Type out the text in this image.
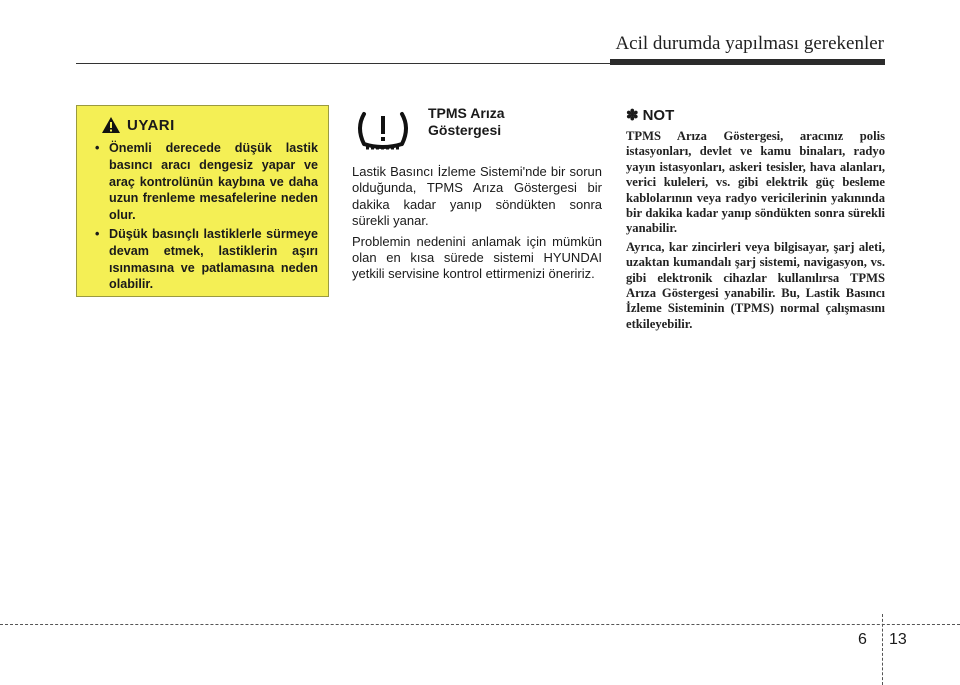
Acil durumda yapılması gerekenler
UYARI
• Önemli derecede düşük lastik basıncı aracı dengesiz yapar ve araç kontrolünün kaybına ve daha uzun frenleme mesafelerine neden olur.
• Düşük basınçlı lastiklerle sürmeye devam etmek, lastiklerin aşırı ısınmasına ve patlamasına neden olabilir.
TPMS Arıza
Göstergesi

Lastik Basıncı İzleme Sistemi'nde bir sorun olduğunda, TPMS Arıza Göstergesi bir dakika kadar yanıp söndükten sonra sürekli yanar.

Problemin nedenini anlamak için mümkün olan en kısa sürede sistemi HYUNDAI yetkili servisine kontrol ettirmenizi öneririz.

✽ NOT

TPMS Arıza Göstergesi, aracınız polis istasyonları, devlet ve kamu binaları, radyo yayın istasyonları, askeri tesisler, hava alanları, verici kuleleri, vs. gibi elektrik güç besleme kablolarının veya radyo vericilerinin yakınında bir dakika kadar yanıp söndükten sonra sürekli yanabilir.

Ayrıca, kar zincirleri veya bilgisayar, şarj aleti, uzaktan kumandalı şarj sistemi, navigasyon, vs. gibi elektronik cihazlar kullanılırsa TPMS Arıza Göstergesi yanabilir. Bu, Lastik Basıncı İzleme Sisteminin (TPMS) normal çalışmasını etkileyebilir.

6 13
